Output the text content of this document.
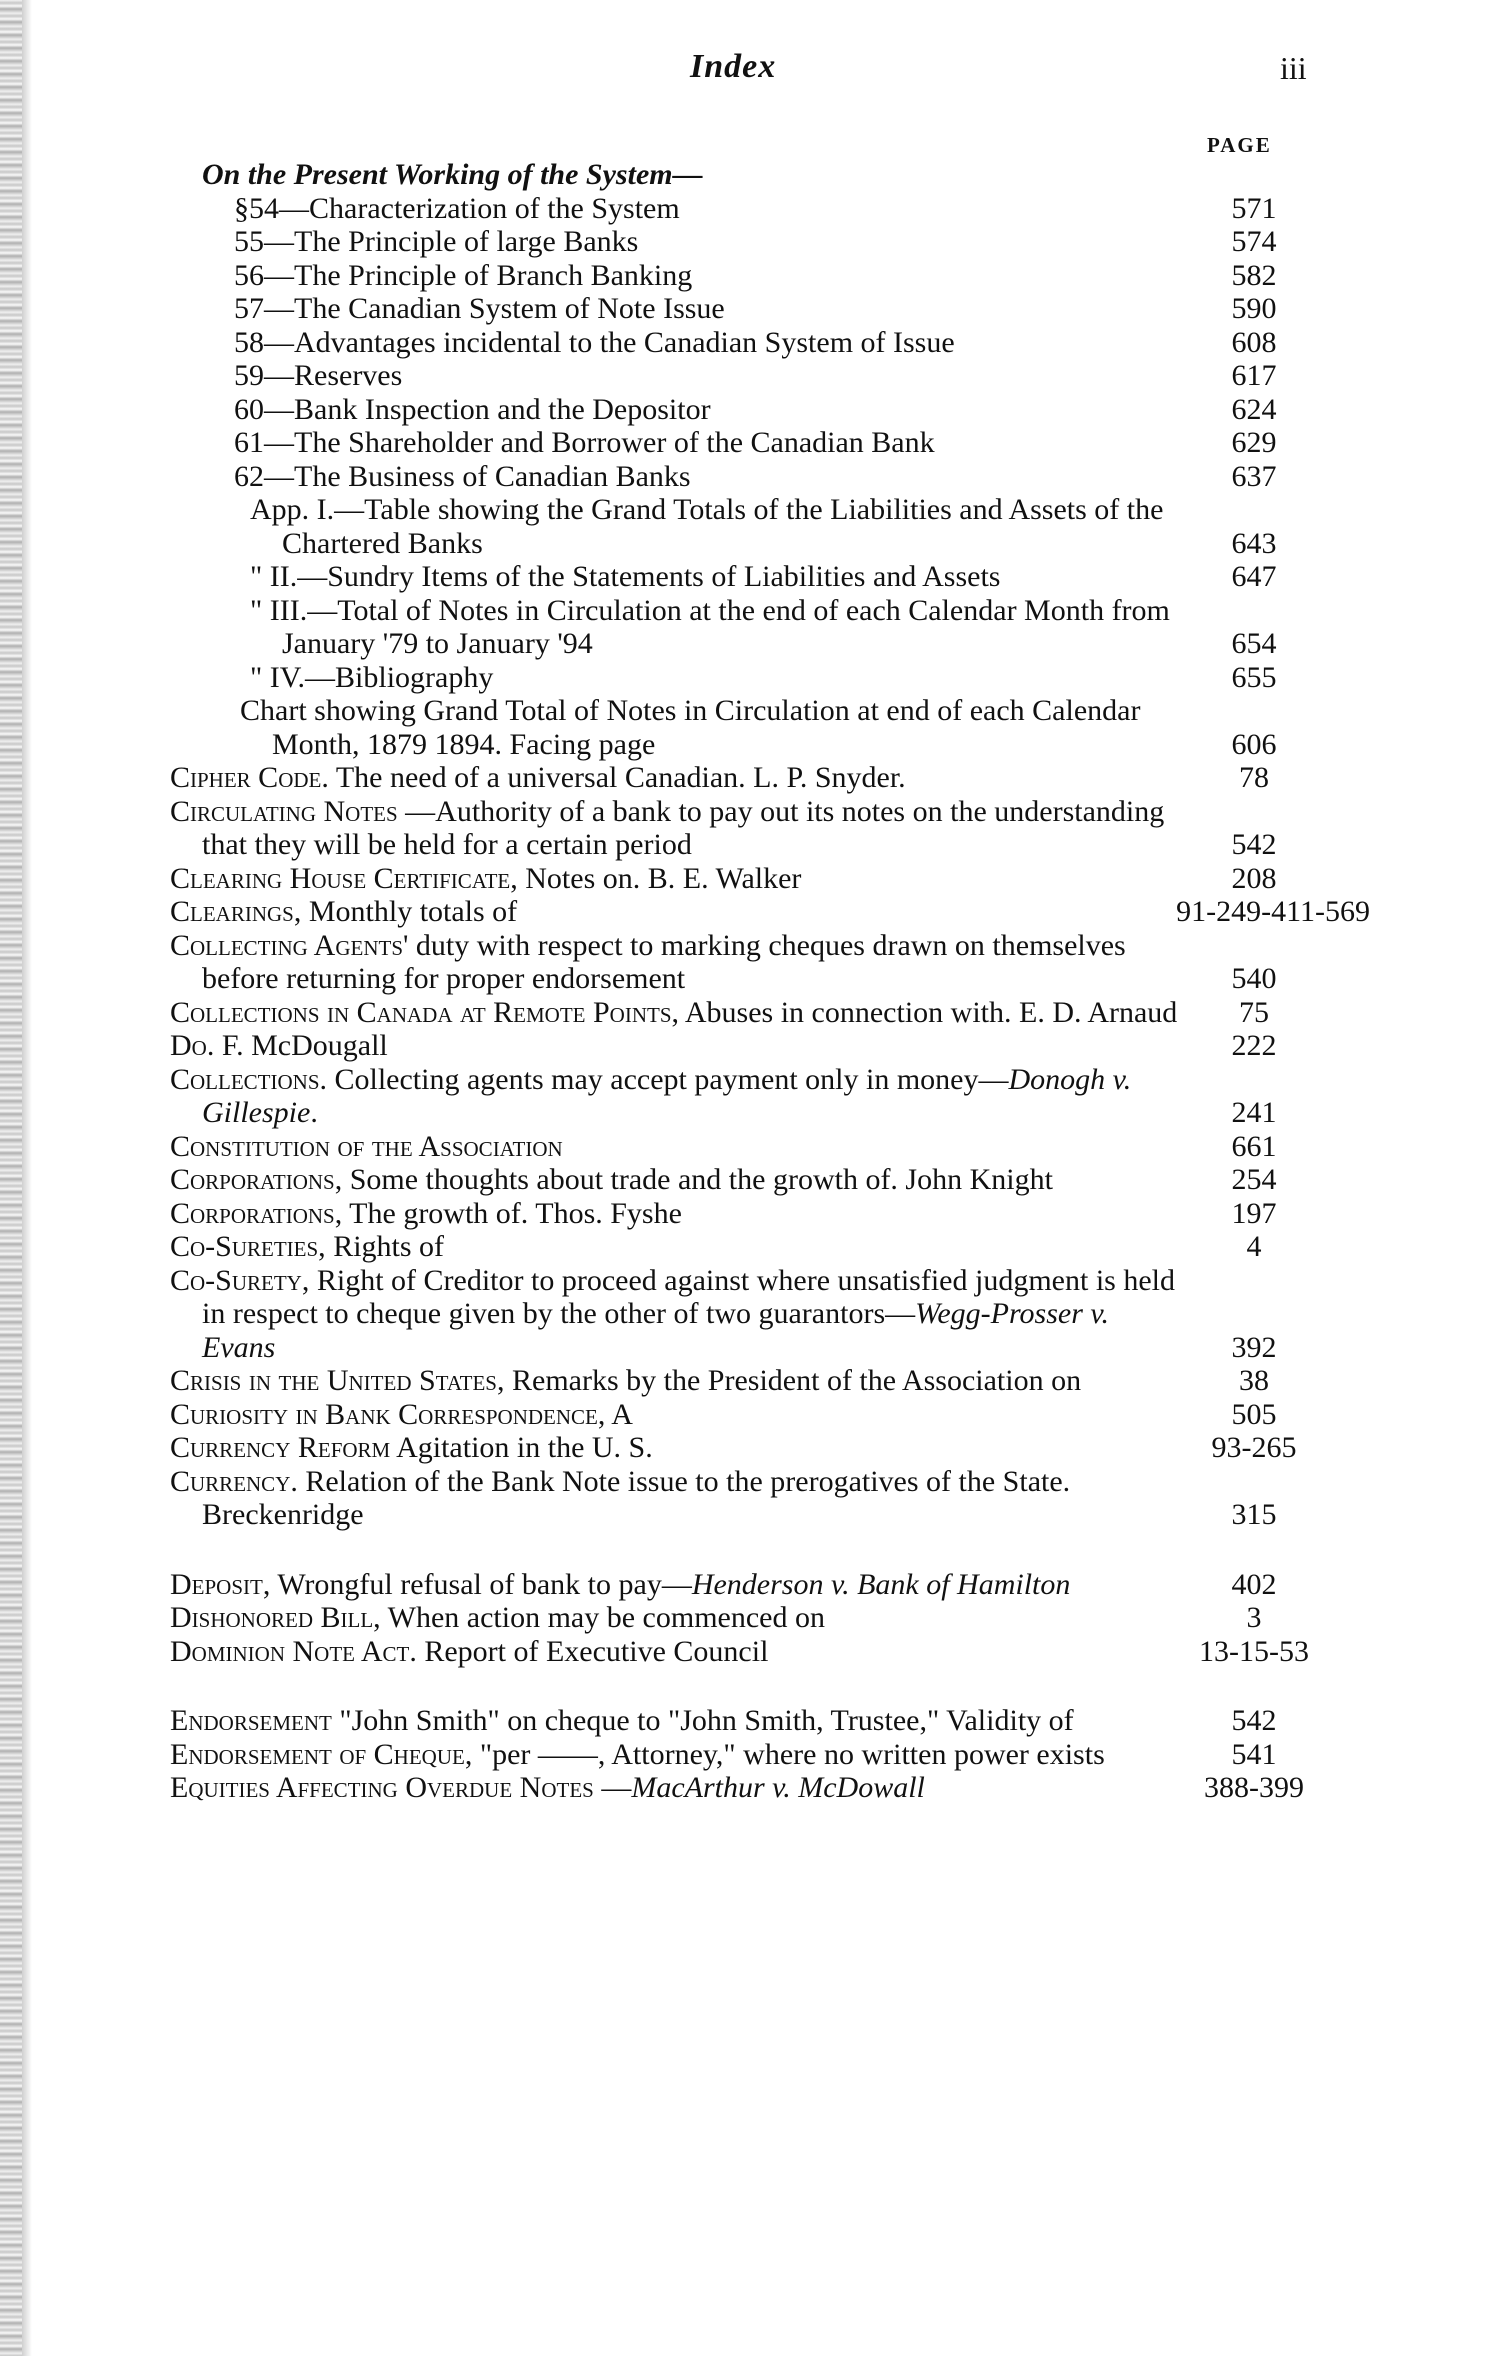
Index	iii
PAGE
On the Present Working of the System—
§54—Characterization of the System	571
55—The Principle of large Banks	574
56—The Principle of Branch Banking	582
57—The Canadian System of Note Issue	590
58—Advantages incidental to the Canadian System of Issue	608
59—Reserves	617
60—Bank Inspection and the Depositor	624
61—The Shareholder and Borrower of the Canadian Bank	629
62—The Business of Canadian Banks	637
App. I.—Table showing the Grand Totals of the Liabilities and Assets of the Chartered Banks	643
" II.—Sundry Items of the Statements of Liabilities and Assets	647
" III.—Total of Notes in Circulation at the end of each Calendar Month from January '79 to January '94	654
" IV.—Bibliography	655
Chart showing Grand Total of Notes in Circulation at end of each Calendar Month, 1879 1894. Facing page	606
Cipher Code. The need of a universal Canadian. L. P. Snyder.	78
Circulating Notes —Authority of a bank to pay out its notes on the understanding that they will be held for a certain period	542
Clearing House Certificate, Notes on. B. E. Walker	208
Clearings, Monthly totals of	91-249-411-569
Collecting Agents' duty with respect to marking cheques drawn on themselves before returning for proper endorsement	540
Collections in Canada at Remote Points, Abuses in connection with. E. D. Arnaud	75
Do. F. McDougall	222
Collections. Collecting agents may accept payment only in money—Donogh v. Gillespie.	241
Constitution of the Association	661
Corporations, Some thoughts about trade and the growth of. John Knight	254
Corporations, The growth of. Thos. Fyshe	197
Co-Sureties, Rights of	4
Co-Surety, Right of Creditor to proceed against where unsatisfied judgment is held in respect to cheque given by the other of two guarantors—Wegg-Prosser v. Evans	392
Crisis in the United States, Remarks by the President of the Association on	38
Curiosity in Bank Correspondence, A	505
Currency Reform Agitation in the U. S.	93-265
Currency. Relation of the Bank Note issue to the prerogatives of the State. Breckenridge	315
Deposit, Wrongful refusal of bank to pay—Henderson v. Bank of Hamilton	402
Dishonored Bill, When action may be commenced on	3
Dominion Note Act. Report of Executive Council	13-15-53
Endorsement "John Smith" on cheque to "John Smith, Trustee," Validity of	542
Endorsement of Cheque, "per ——, Attorney," where no written power exists	541
Equities Affecting Overdue Notes —MacArthur v. McDowall	388-399
